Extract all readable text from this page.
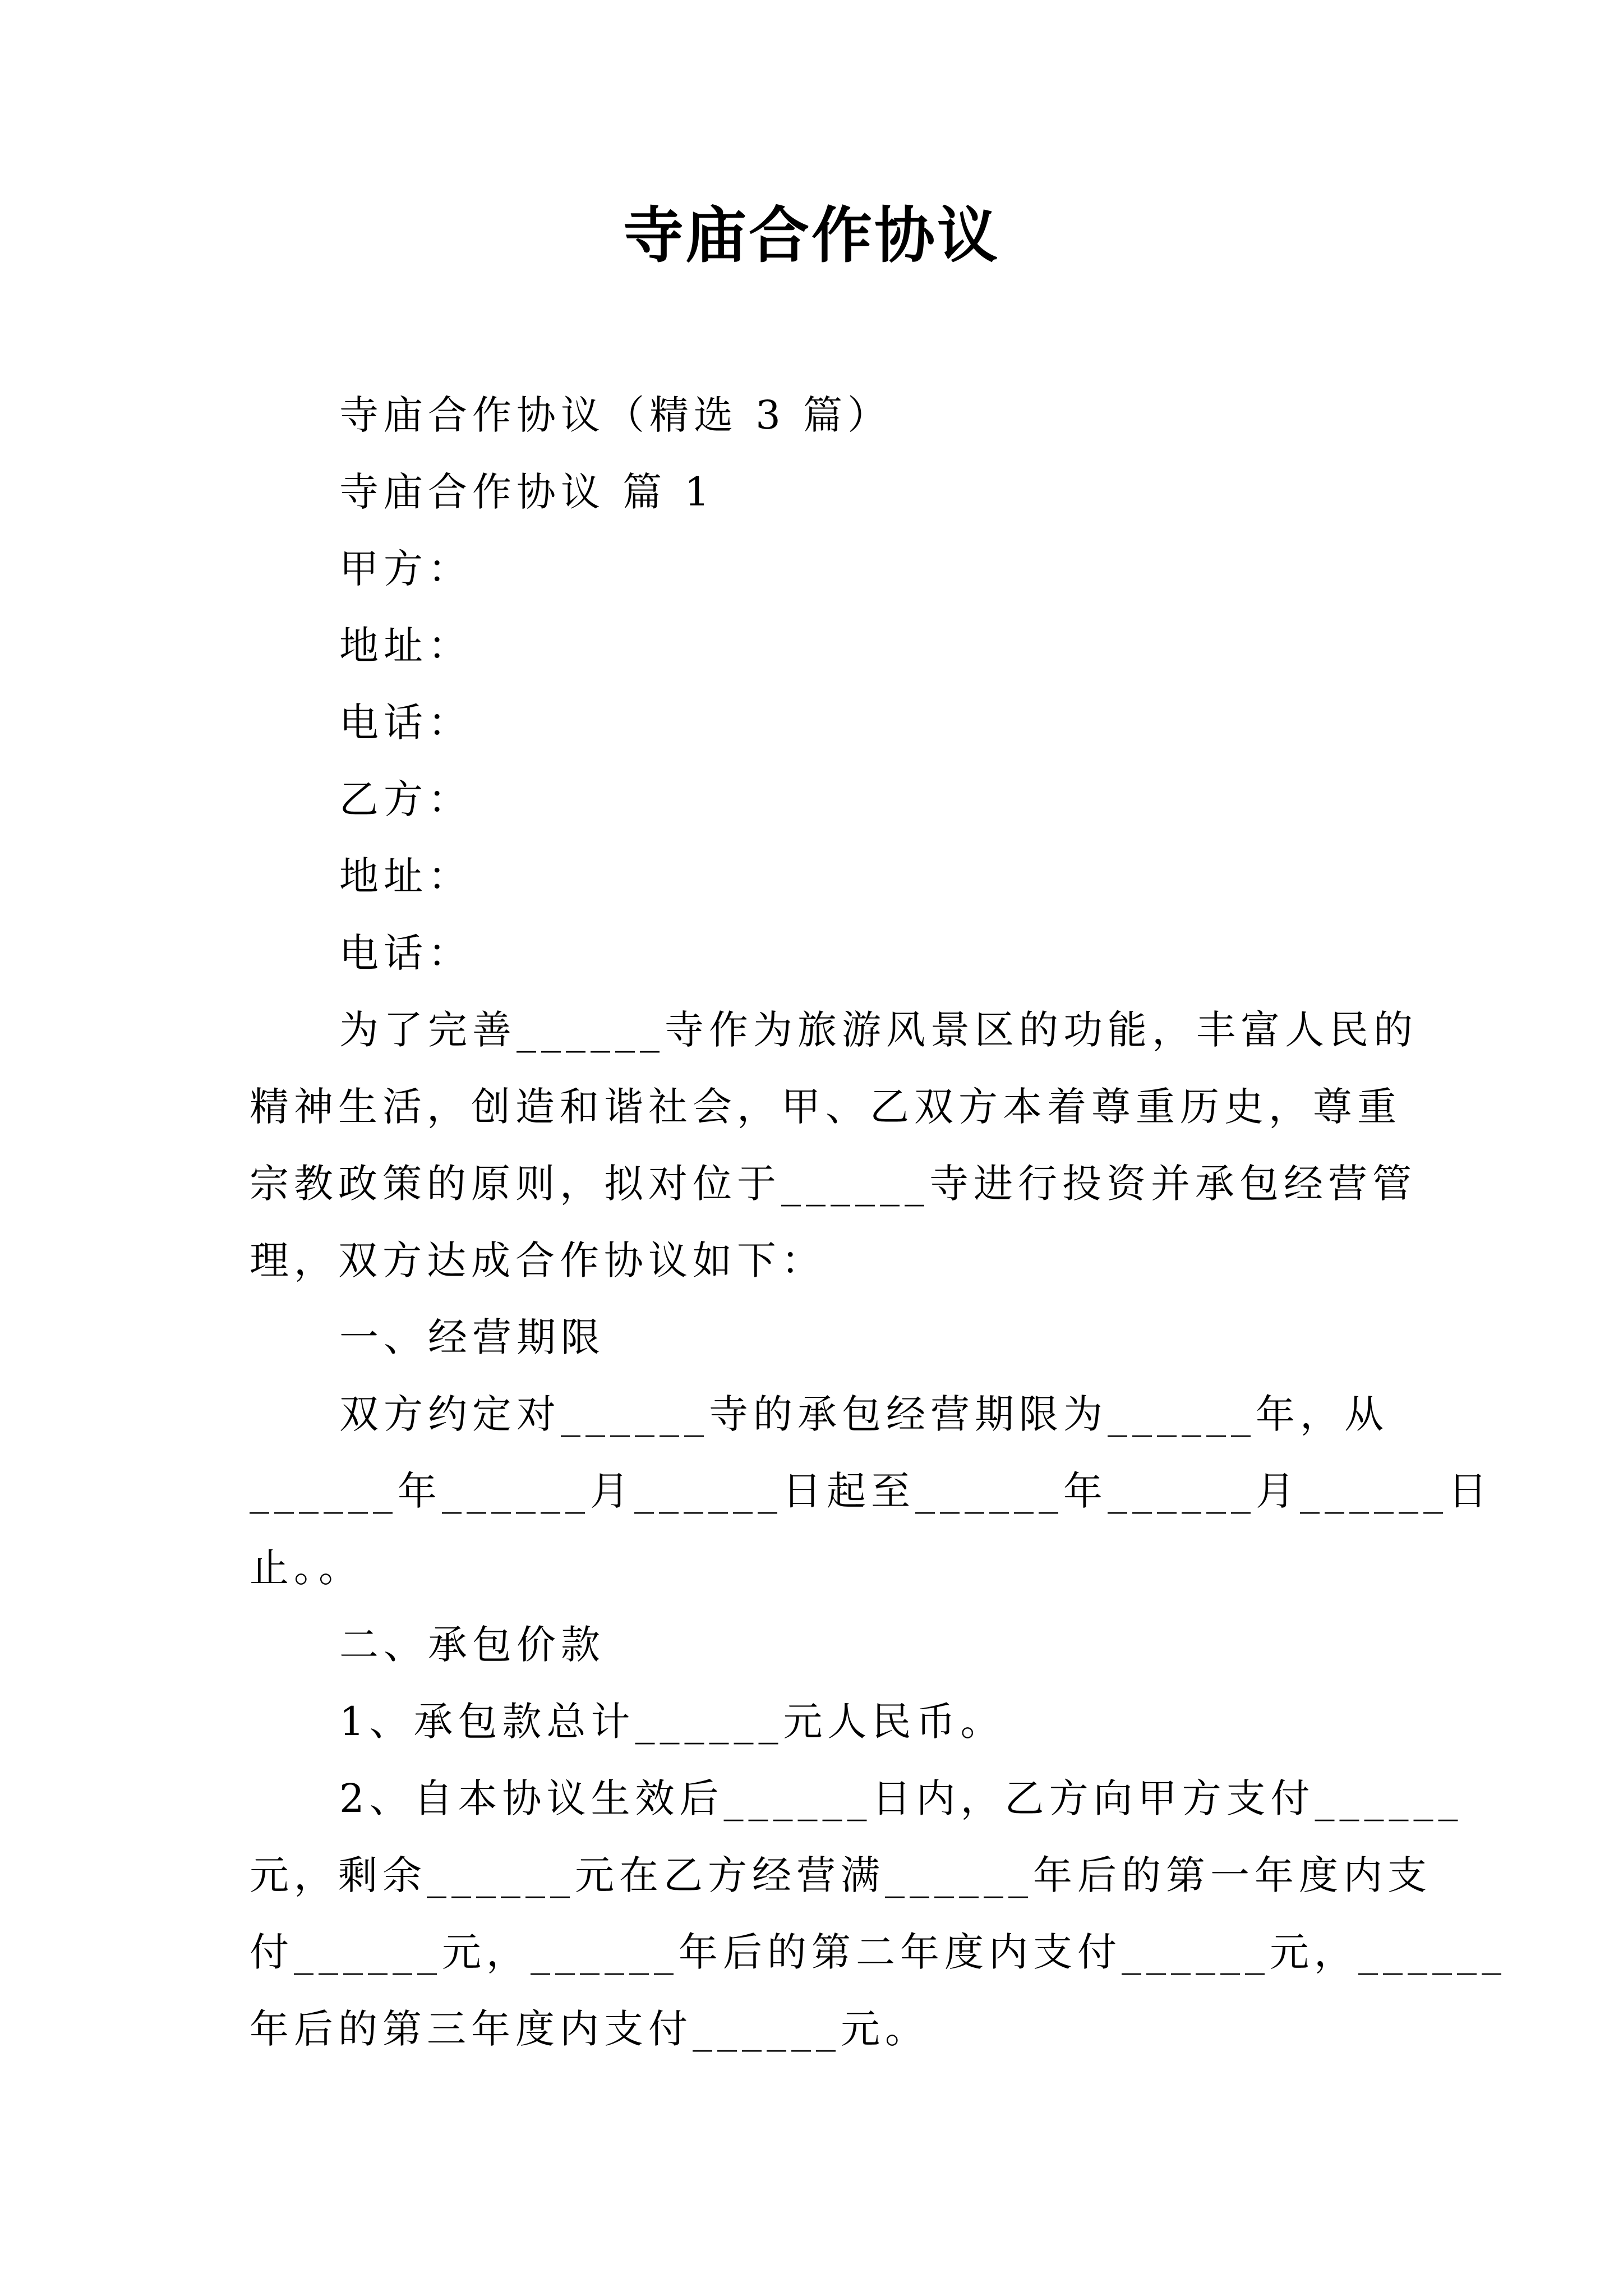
寺庙合作协议
寺庙合作协议（精选 3 篇）
寺庙合作协议 篇 1
甲方：
地址：
电话：
乙方：
地址：
电话：
为了完善______寺作为旅游风景区的功能，丰富人民的
精神生活，创造和谐社会，甲、乙双方本着尊重历史，尊重
宗教政策的原则，拟对位于______寺进行投资并承包经营管
理，双方达成合作协议如下：
一、经营期限
双方约定对______寺的承包经营期限为______年，从
______年______月______日起至______年______月______日
止。。
二、承包价款
1、承包款总计______元人民币。
2、自本协议生效后______日内，乙方向甲方支付______
元，剩余______元在乙方经营满______年后的第一年度内支
付______元，______年后的第二年度内支付______元，______
年后的第三年度内支付______元。
